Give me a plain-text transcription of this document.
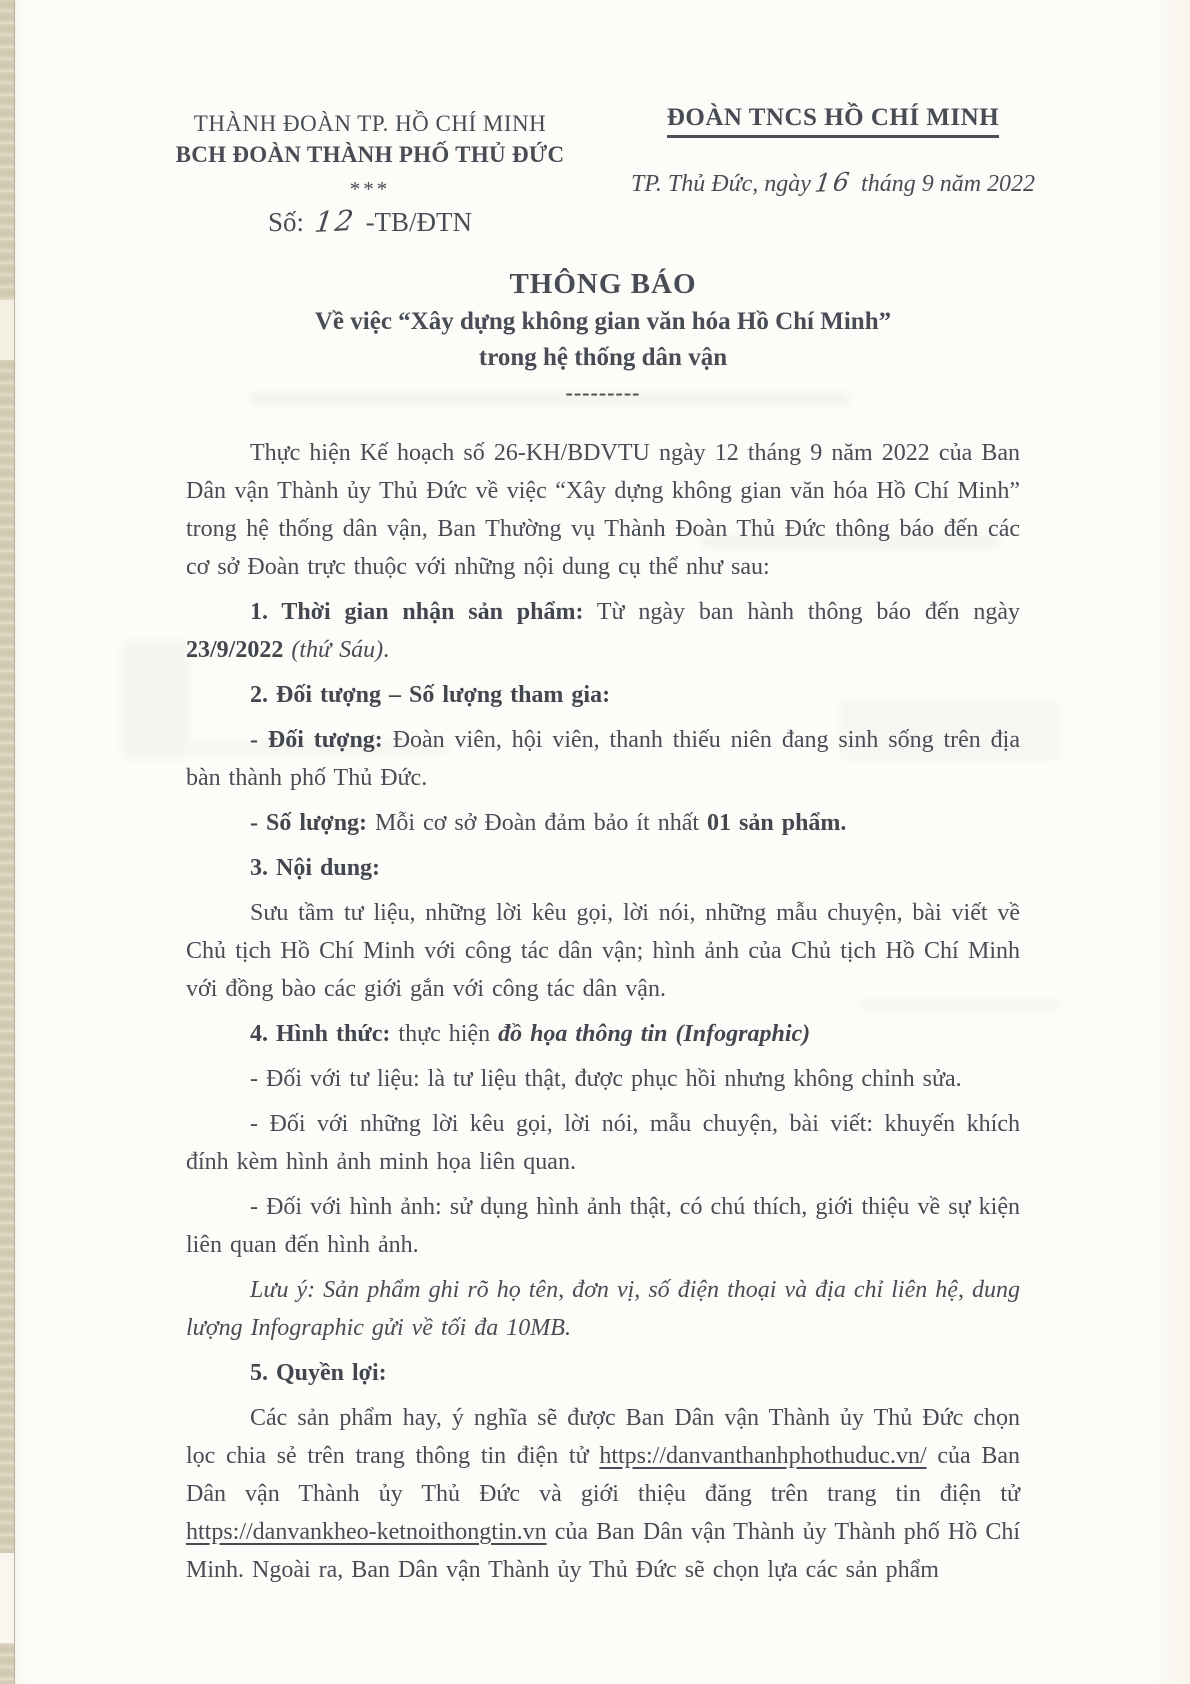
THÀNH ĐOÀN TP. HỒ CHÍ MINH
BCH ĐOÀN THÀNH PHỐ THỦ ĐỨC
***
Số: 12 -TB/ĐTN
ĐOÀN TNCS HỒ CHÍ MINH
TP. Thủ Đức, ngày16 tháng 9 năm 2022
THÔNG BÁO
Về việc “Xây dựng không gian văn hóa Hồ Chí Minh”
trong hệ thống dân vận
---------

Thực hiện Kế hoạch số 26-KH/BDVTU ngày 12 tháng 9 năm 2022 của Ban Dân vận Thành ủy Thủ Đức về việc “Xây dựng không gian văn hóa Hồ Chí Minh” trong hệ thống dân vận, Ban Thường vụ Thành Đoàn Thủ Đức thông báo đến các cơ sở Đoàn trực thuộc với những nội dung cụ thể như sau:

1. Thời gian nhận sản phẩm: Từ ngày ban hành thông báo đến ngày 23/9/2022 (thứ Sáu).

2. Đối tượng – Số lượng tham gia:

- Đối tượng: Đoàn viên, hội viên, thanh thiếu niên đang sinh sống trên địa bàn thành phố Thủ Đức.

- Số lượng: Mỗi cơ sở Đoàn đảm bảo ít nhất 01 sản phẩm.

3. Nội dung:

Sưu tầm tư liệu, những lời kêu gọi, lời nói, những mẫu chuyện, bài viết về Chủ tịch Hồ Chí Minh với công tác dân vận; hình ảnh của Chủ tịch Hồ Chí Minh với đồng bào các giới gắn với công tác dân vận.

4. Hình thức: thực hiện đồ họa thông tin (Infographic)

- Đối với tư liệu: là tư liệu thật, được phục hồi nhưng không chỉnh sửa.

- Đối với những lời kêu gọi, lời nói, mẫu chuyện, bài viết: khuyến khích đính kèm hình ảnh minh họa liên quan.

- Đối với hình ảnh: sử dụng hình ảnh thật, có chú thích, giới thiệu về sự kiện liên quan đến hình ảnh.

Lưu ý: Sản phẩm ghi rõ họ tên, đơn vị, số điện thoại và địa chỉ liên hệ, dung lượng Infographic gửi về tối đa 10MB.

5. Quyền lợi:

Các sản phẩm hay, ý nghĩa sẽ được Ban Dân vận Thành ủy Thủ Đức chọn lọc chia sẻ trên trang thông tin điện tử https://danvanthanhphothuduc.vn/ của Ban Dân vận Thành ủy Thủ Đức và giới thiệu đăng trên trang tin điện tử https://danvankheo-ketnoithongtin.vn của Ban Dân vận Thành ủy Thành phố Hồ Chí Minh. Ngoài ra, Ban Dân vận Thành ủy Thủ Đức sẽ chọn lựa các sản phẩm
